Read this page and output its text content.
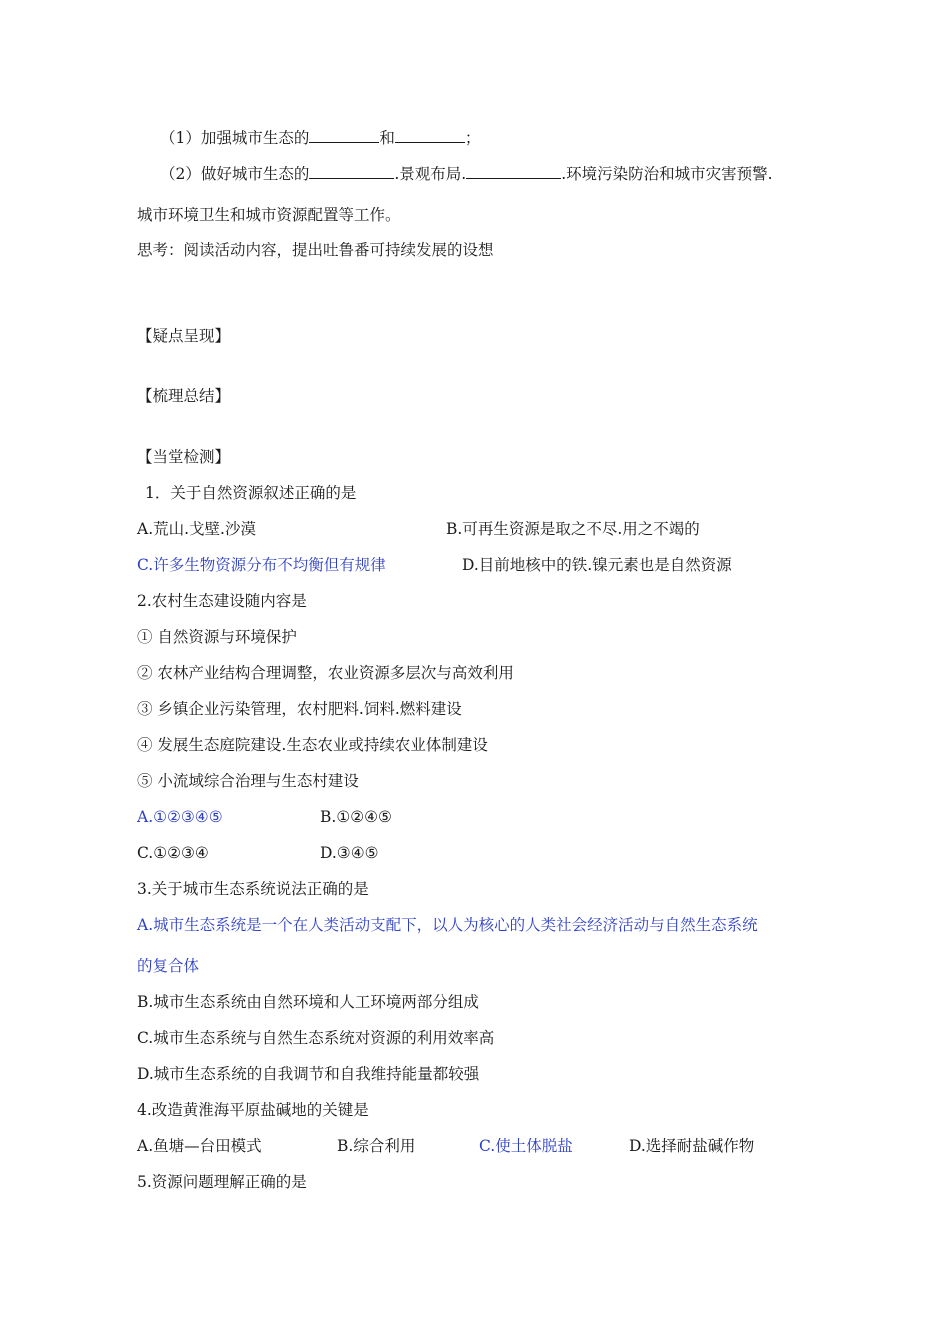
（1）加强城市生态的	和	；
（2）做好城市生态的	.景观布局.	.环境污染防治和城市灾害预警.
城市环境卫生和城市资源配置等工作。
思考：阅读活动内容，提出吐鲁番可持续发展的设想
【疑点呈现】
【梳理总结】
【当堂检测】
1．关于自然资源叙述正确的是
A.荒山.戈壁.沙漠	B.可再生资源是取之不尽.用之不竭的
C.许多生物资源分布不均衡但有规律	D.目前地核中的铁.镍元素也是自然资源
2.农村生态建设随内容是
① 自然资源与环境保护
② 农林产业结构合理调整，农业资源多层次与高效利用
③ 乡镇企业污染管理，农村肥料.饲料.燃料建设
④ 发展生态庭院建设.生态农业或持续农业体制建设
⑤ 小流域综合治理与生态村建设
A.①②③④⑤	B.①②④⑤
C.①②③④	D.③④⑤
3.关于城市生态系统说法正确的是
A.城市生态系统是一个在人类活动支配下，以人为核心的人类社会经济活动与自然生态系统
的复合体
B.城市生态系统由自然环境和人工环境两部分组成
C.城市生态系统与自然生态系统对资源的利用效率高
D.城市生态系统的自我调节和自我维持能量都较强
4.改造黄淮海平原盐碱地的关键是
A.鱼塘—台田模式	B.综合利用	C.使土体脱盐	D.选择耐盐碱作物
5.资源问题理解正确的是
